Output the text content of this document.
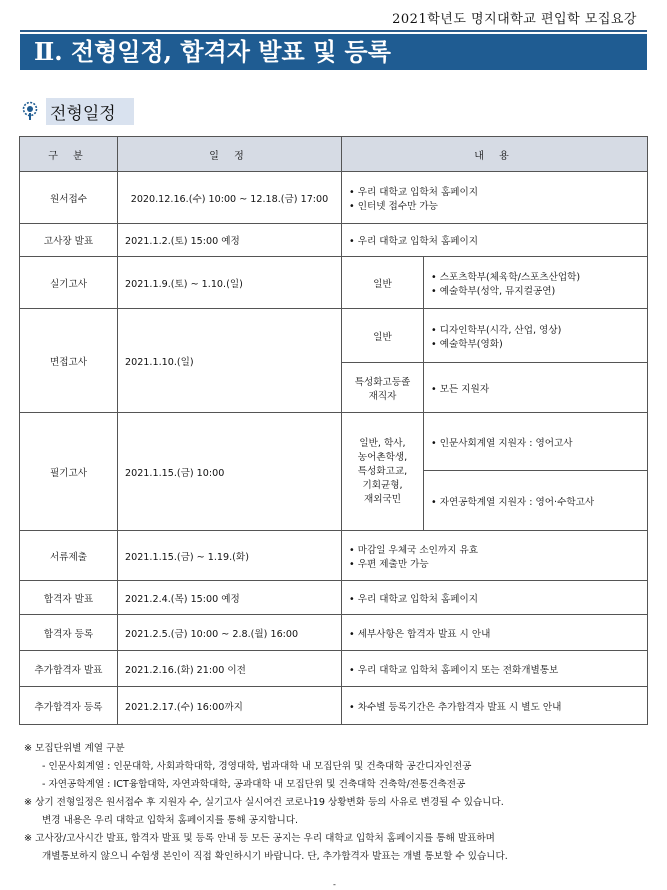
2021학년도 명지대학교 편입학 모집요강
Ⅱ. 전형일정, 합격자 발표 및 등록
전형일정
구 분	일 정	내 용	
원서접수	2020.12.16.(수) 10:00 ~ 12.18.(금) 17:00	• 우리 대학교 입학처 홈페이지
• 인터넷 접수만 가능	

고사장 발표	2021.1.2.(토) 15:00 예정	• 우리 대학교 입학처 홈페이지	
실기고사	2021.1.9.(토) ~ 1.10.(일)	일반	• 스포츠학부(체육학/스포츠산업학)
• 예술학부(성악, 뮤지컬공연)

면접고사	2021.1.10.(일)	일반	• 디자인학부(시각, 산업, 영상)
• 예술학부(영화)

		특성화고등졸
재직자	• 모든 지원자
필기고사	2021.1.15.(금) 10:00	일반, 학사,
농어촌학생,
특성화고교,
기회균형,
재외국민	• 인문사회계열 지원자 : 영어고사
			• 자연공학계열 지원자 : 영어·수학고사
서류제출	2021.1.15.(금) ~ 1.19.(화)	• 마감일 우체국 소인까지 유효
• 우편 제출만 가능	

합격자 발표	2021.2.4.(목) 15:00 예정	• 우리 대학교 입학처 홈페이지	
합격자 등록	2021.2.5.(금) 10:00 ~ 2.8.(월) 16:00	• 세부사항은 합격자 발표 시 안내	
추가합격자 발표	2021.2.16.(화) 21:00 이전	• 우리 대학교 입학처 홈페이지 또는 전화개별통보	
추가합격자 등록	2021.2.17.(수) 16:00까지	• 차수별 등록기간은 추가합격자 발표 시 별도 안내	
※ 모집단위별 계열 구분
- 인문사회계열 : 인문대학, 사회과학대학, 경영대학, 법과대학 내 모집단위 및 건축대학 공간디자인전공
- 자연공학계열 : ICT융합대학, 자연과학대학, 공과대학 내 모집단위 및 건축대학 건축학/전통건축전공
※ 상기 전형일정은 원서접수 후 지원자 수, 실기고사 실시여건 코로나19 상황변화 등의 사유로 변경될 수 있습니다.
변경 내용은 우리 대학교 입학처 홈페이지를 통해 공지합니다.
※ 고사장/고사시간 발표, 합격자 발표 및 등록 안내 등 모든 공지는 우리 대학교 입학처 홈페이지를 통해 발표하며
개별통보하지 않으니 수험생 본인이 직접 확인하시기 바랍니다. 단, 추가합격자 발표는 개별 통보할 수 있습니다.
-
